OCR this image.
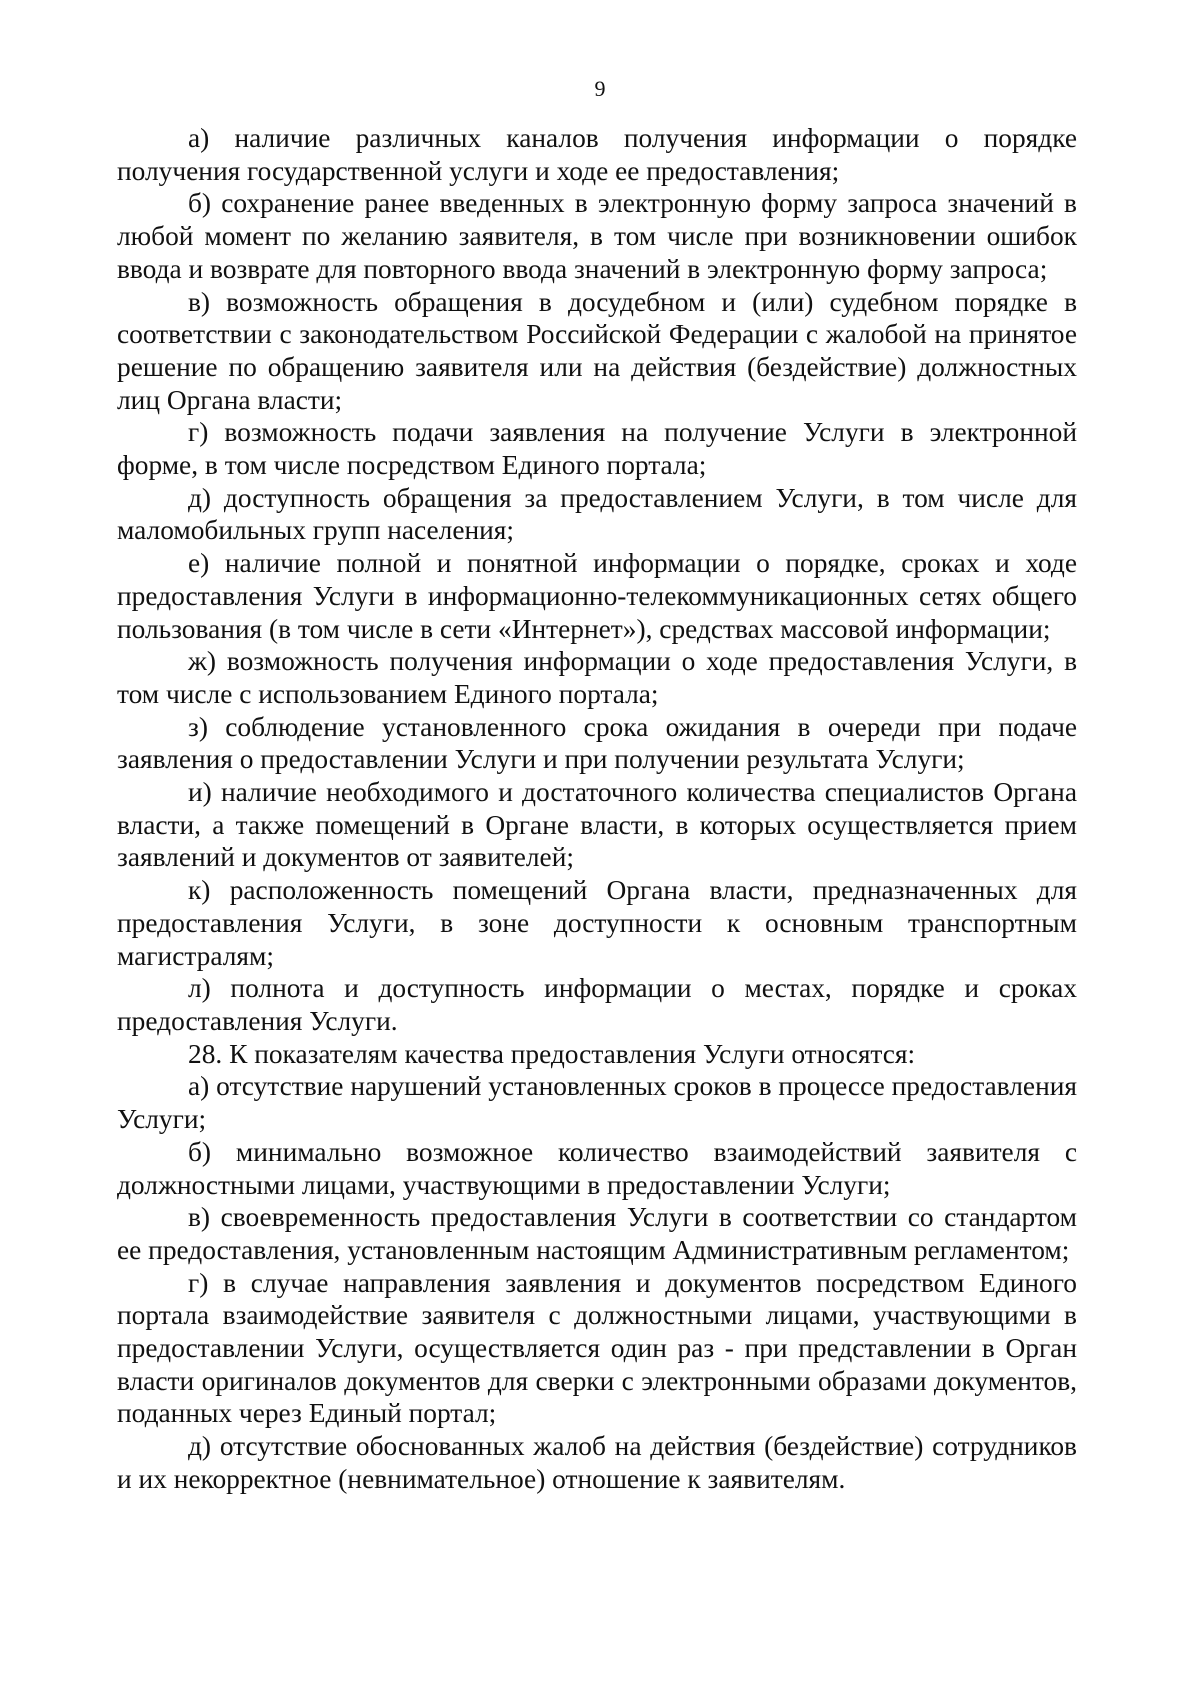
9

а) наличие различных каналов получения информации о порядке получения государственной услуги и ходе ее предоставления;

б) сохранение ранее введенных в электронную форму запроса значений в любой момент по желанию заявителя, в том числе при возникновении ошибок ввода и возврате для повторного ввода значений в электронную форму запроса;

в) возможность обращения в досудебном и (или) судебном порядке в соответствии с законодательством Российской Федерации с жалобой на принятое решение по обращению заявителя или на действия (бездействие) должностных лиц Органа власти;

г) возможность подачи заявления на получение Услуги в электронной форме, в том числе посредством Единого портала;

д) доступность обращения за предоставлением Услуги, в том числе для маломобильных групп населения;

е) наличие полной и понятной информации о порядке, сроках и ходе предоставления Услуги в информационно-телекоммуникационных сетях общего пользования (в том числе в сети «Интернет»), средствах массовой информации;

ж) возможность получения информации о ходе предоставления Услуги, в том числе с использованием Единого портала;

з) соблюдение установленного срока ожидания в очереди при подаче заявления о предоставлении Услуги и при получении результата Услуги;

и) наличие необходимого и достаточного количества специалистов Органа власти, а также помещений в Органе власти, в которых осуществляется прием заявлений и документов от заявителей;

к) расположенность помещений Органа власти, предназначенных для предоставления Услуги, в зоне доступности к основным транспортным магистралям;

л) полнота и доступность информации о местах, порядке и сроках предоставления Услуги.

28. К показателям качества предоставления Услуги относятся:

а) отсутствие нарушений установленных сроков в процессе предоставления Услуги;

б) минимально возможное количество взаимодействий заявителя с должностными лицами, участвующими в предоставлении Услуги;

в) своевременность предоставления Услуги в соответствии со стандартом ее предоставления, установленным настоящим Административным регламентом;

г) в случае направления заявления и документов посредством Единого портала взаимодействие заявителя с должностными лицами, участвующими в предоставлении Услуги, осуществляется один раз - при представлении в Орган власти оригиналов документов для сверки с электронными образами документов, поданных через Единый портал;

д) отсутствие обоснованных жалоб на действия (бездействие) сотрудников и их некорректное (невнимательное) отношение к заявителям.
